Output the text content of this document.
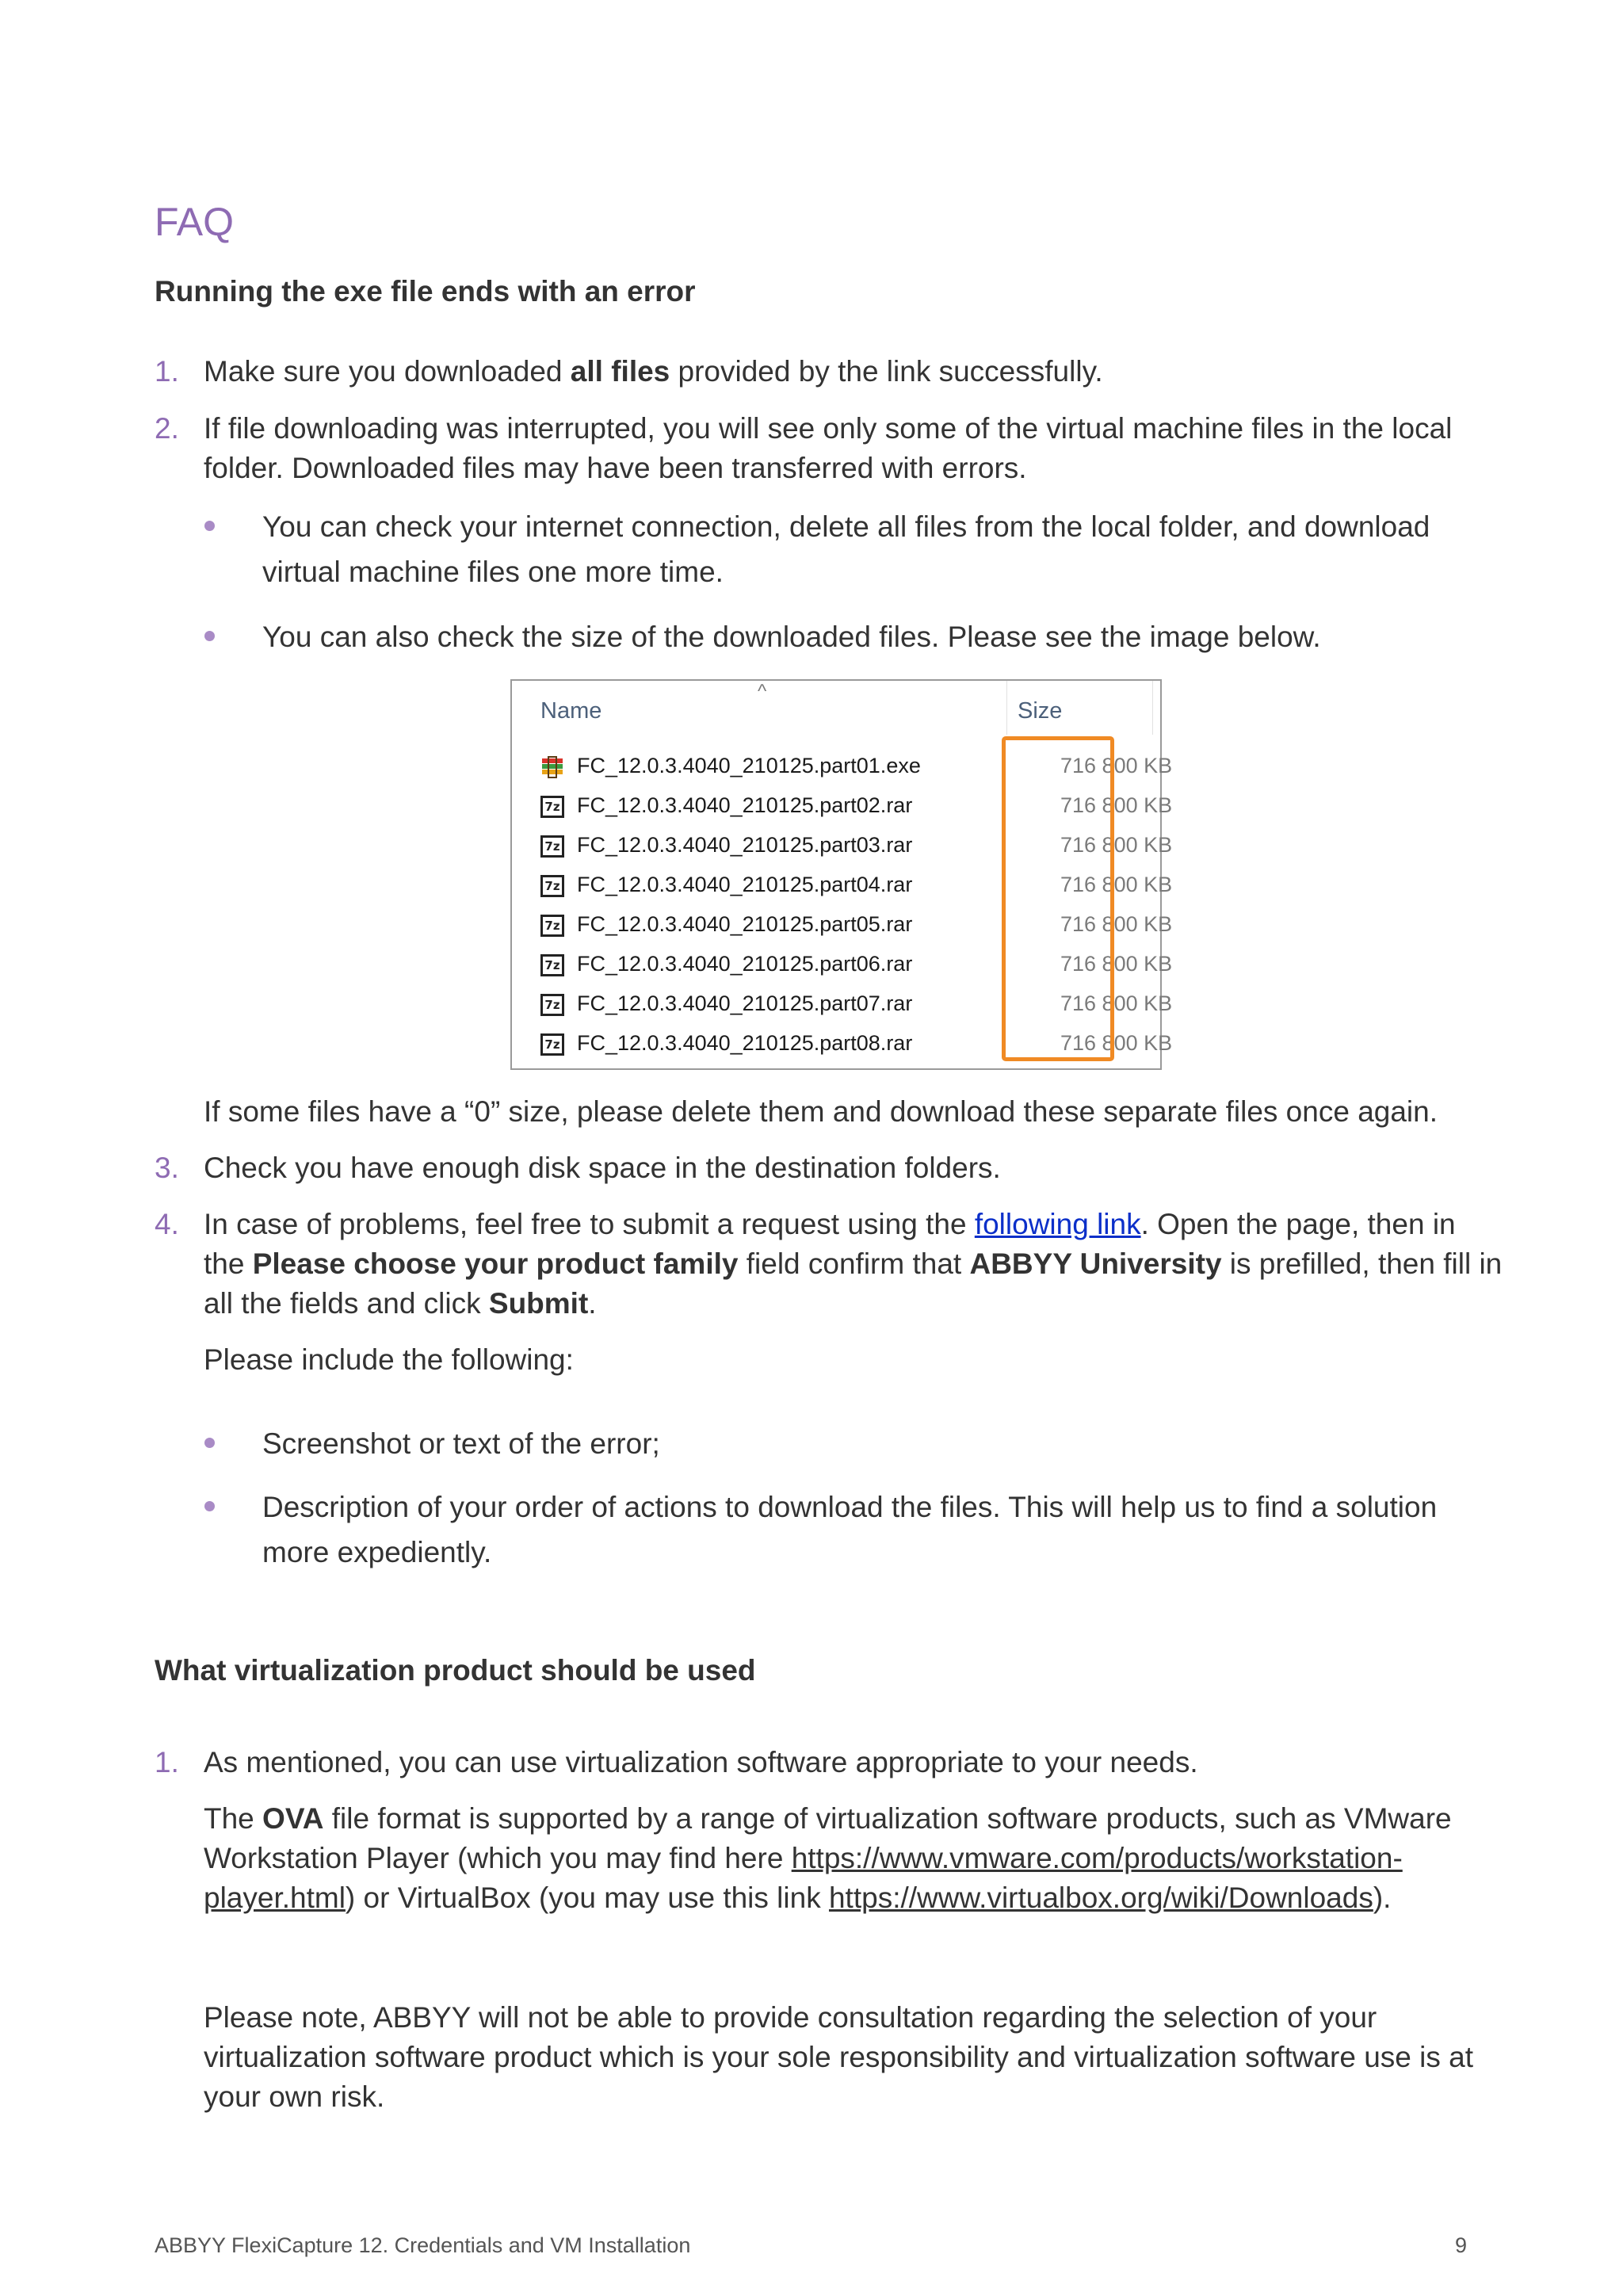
FAQ
Running the exe file ends with an error
1. Make sure you downloaded all files provided by the link successfully.

2. If file downloading was interrupted, you will see only some of the virtual machine files in the local folder. Downloaded files may have been transferred with errors.

You can check your internet connection, delete all files from the local folder, and download virtual machine files one more time.

You can also check the size of the downloaded files. Please see the image below.

^
Name	Size
FC_12.0.3.4040_210125.part01.exe	716 800 KB
7z FC_12.0.3.4040_210125.part02.rar	716 800 KB
7z FC_12.0.3.4040_210125.part03.rar	716 800 KB
7z FC_12.0.3.4040_210125.part04.rar	716 800 KB
7z FC_12.0.3.4040_210125.part05.rar	716 800 KB
7z FC_12.0.3.4040_210125.part06.rar	716 800 KB
7z FC_12.0.3.4040_210125.part07.rar	716 800 KB
7z FC_12.0.3.4040_210125.part08.rar	716 800 KB

If some files have a “0” size, please delete them and download these separate files once again.

3. Check you have enough disk space in the destination folders.

4. In case of problems, feel free to submit a request using the following link. Open the page, then in the Please choose your product family field confirm that ABBYY University is prefilled, then fill in all the fields and click Submit.

Please include the following:

Screenshot or text of the error;

Description of your order of actions to download the files. This will help us to find a solution more expediently.

What virtualization product should be used
1. As mentioned, you can use virtualization software appropriate to your needs.

The OVA file format is supported by a range of virtualization software products, such as VMware Workstation Player (which you may find here https://www.vmware.com/products/workstation-player.html) or VirtualBox (you may use this link https://www.virtualbox.org/wiki/Downloads).

Please note, ABBYY will not be able to provide consultation regarding the selection of your virtualization software product which is your sole responsibility and virtualization software use is at your own risk.

ABBYY FlexiCapture 12. Credentials and VM Installation	9
